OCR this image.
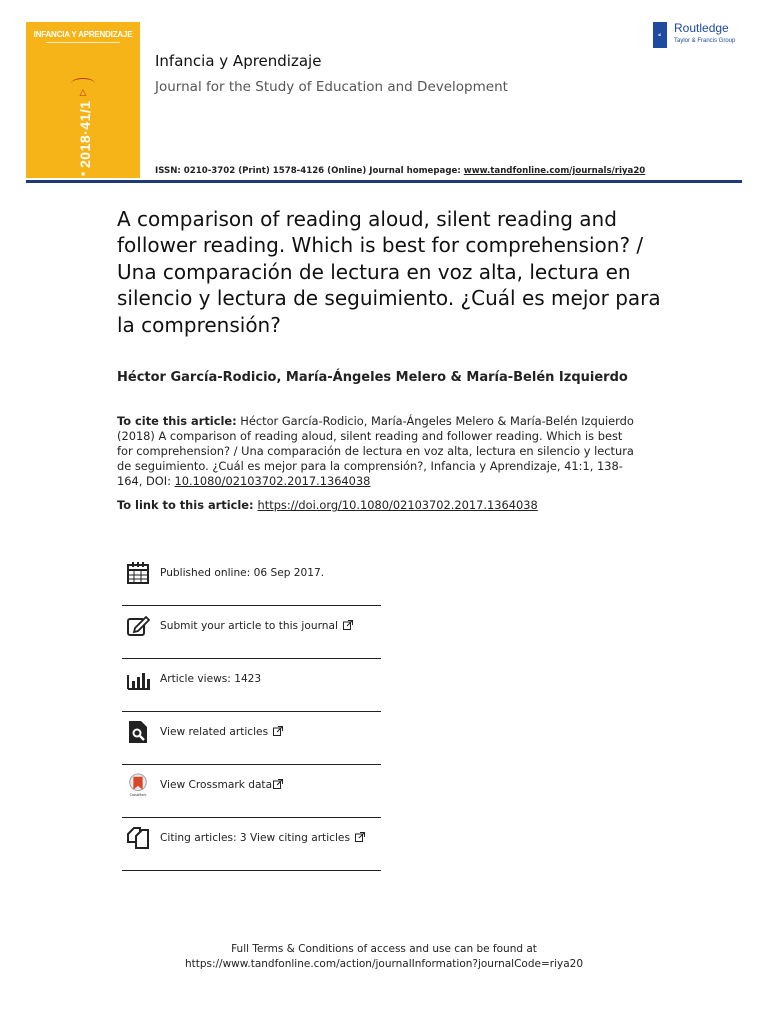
INFANCIA Y APRENDIZAJE
△
2018·41/1
■
Infancia y Aprendizaje
Journal for the Study of Education and Development
ISSN: 0210-3702 (Print) 1578-4126 (Online) Journal homepage: www.tandfonline.com/journals/riya20
R
Routledge
Taylor & Francis Group
A comparison of reading aloud, silent reading and follower reading. Which is best for comprehension? / Una comparación de lectura en voz alta, lectura en silencio y lectura de seguimiento. ¿Cuál es mejor para la comprensión?
Héctor García-Rodicio, María-Ángeles Melero & María-Belén Izquierdo
To cite this article: Héctor García-Rodicio, María-Ángeles Melero & María-Belén Izquierdo (2018) A comparison of reading aloud, silent reading and follower reading. Which is best for comprehension? / Una comparación de lectura en voz alta, lectura en silencio y lectura de seguimiento. ¿Cuál es mejor para la comprensión?, Infancia y Aprendizaje, 41:1, 138-164, DOI: 10.1080/02103702.2017.1364038
To link to this article: https://doi.org/10.1080/02103702.2017.1364038
Published online: 06 Sep 2017.
Submit your article to this journal
Article views: 1423
View related articles
CrossMark
View Crossmark data
Citing articles: 3 View citing articles
Full Terms & Conditions of access and use can be found at
https://www.tandfonline.com/action/journalInformation?journalCode=riya20
